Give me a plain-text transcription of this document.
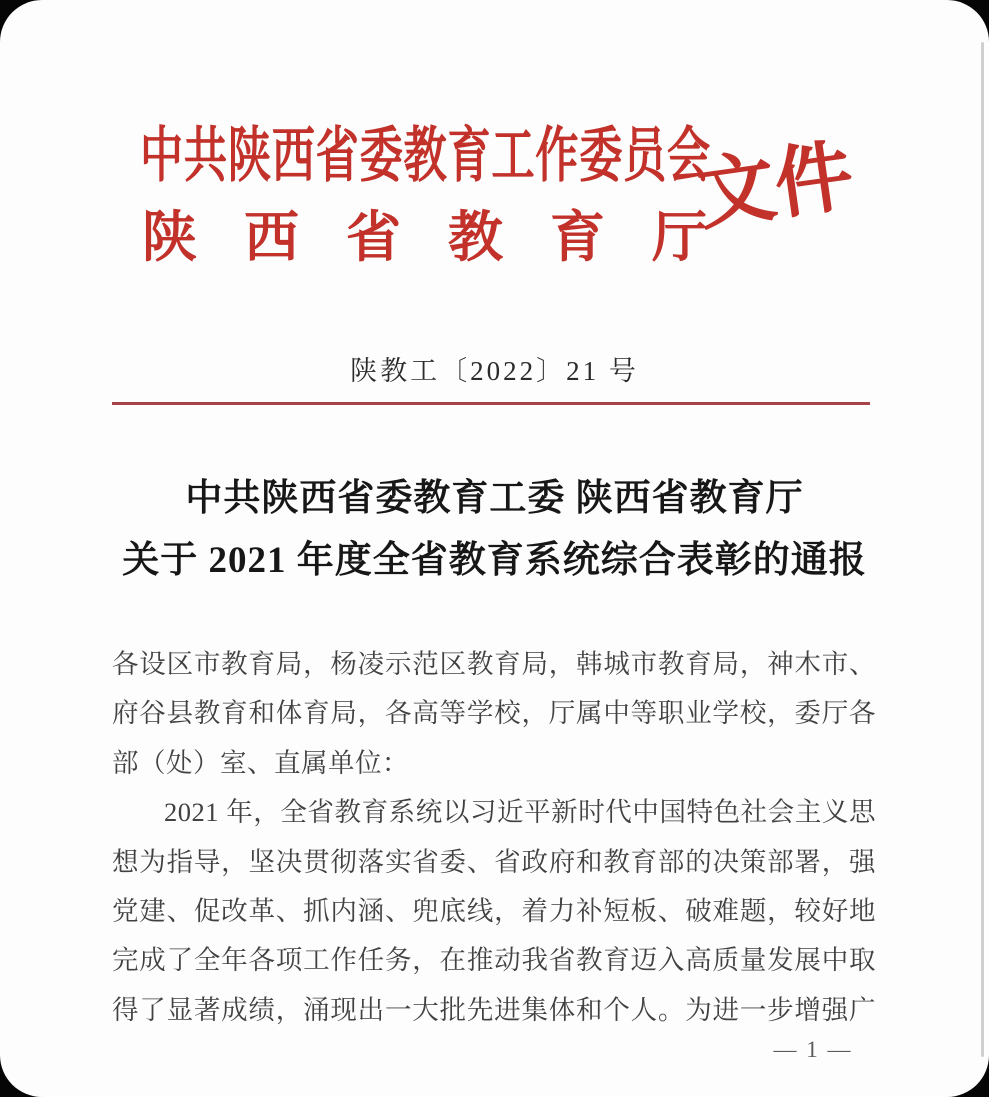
中共陕西省委教育工作委员会
陕西省教育厅
文件
陕教工〔2022〕21 号
中共陕西省委教育工委 陕西省教育厅
关于 2021 年度全省教育系统综合表彰的通报
各设区市教育局，杨凌示范区教育局，韩城市教育局，神木市、
府谷县教育和体育局，各高等学校，厅属中等职业学校，委厅各
部（处）室、直属单位：
2021 年，全省教育系统以习近平新时代中国特色社会主义思
想为指导，坚决贯彻落实省委、省政府和教育部的决策部署，强
党建、促改革、抓内涵、兜底线，着力补短板、破难题，较好地
完成了全年各项工作任务，在推动我省教育迈入高质量发展中取
得了显著成绩，涌现出一大批先进集体和个人。为进一步增强广
— 1 —
